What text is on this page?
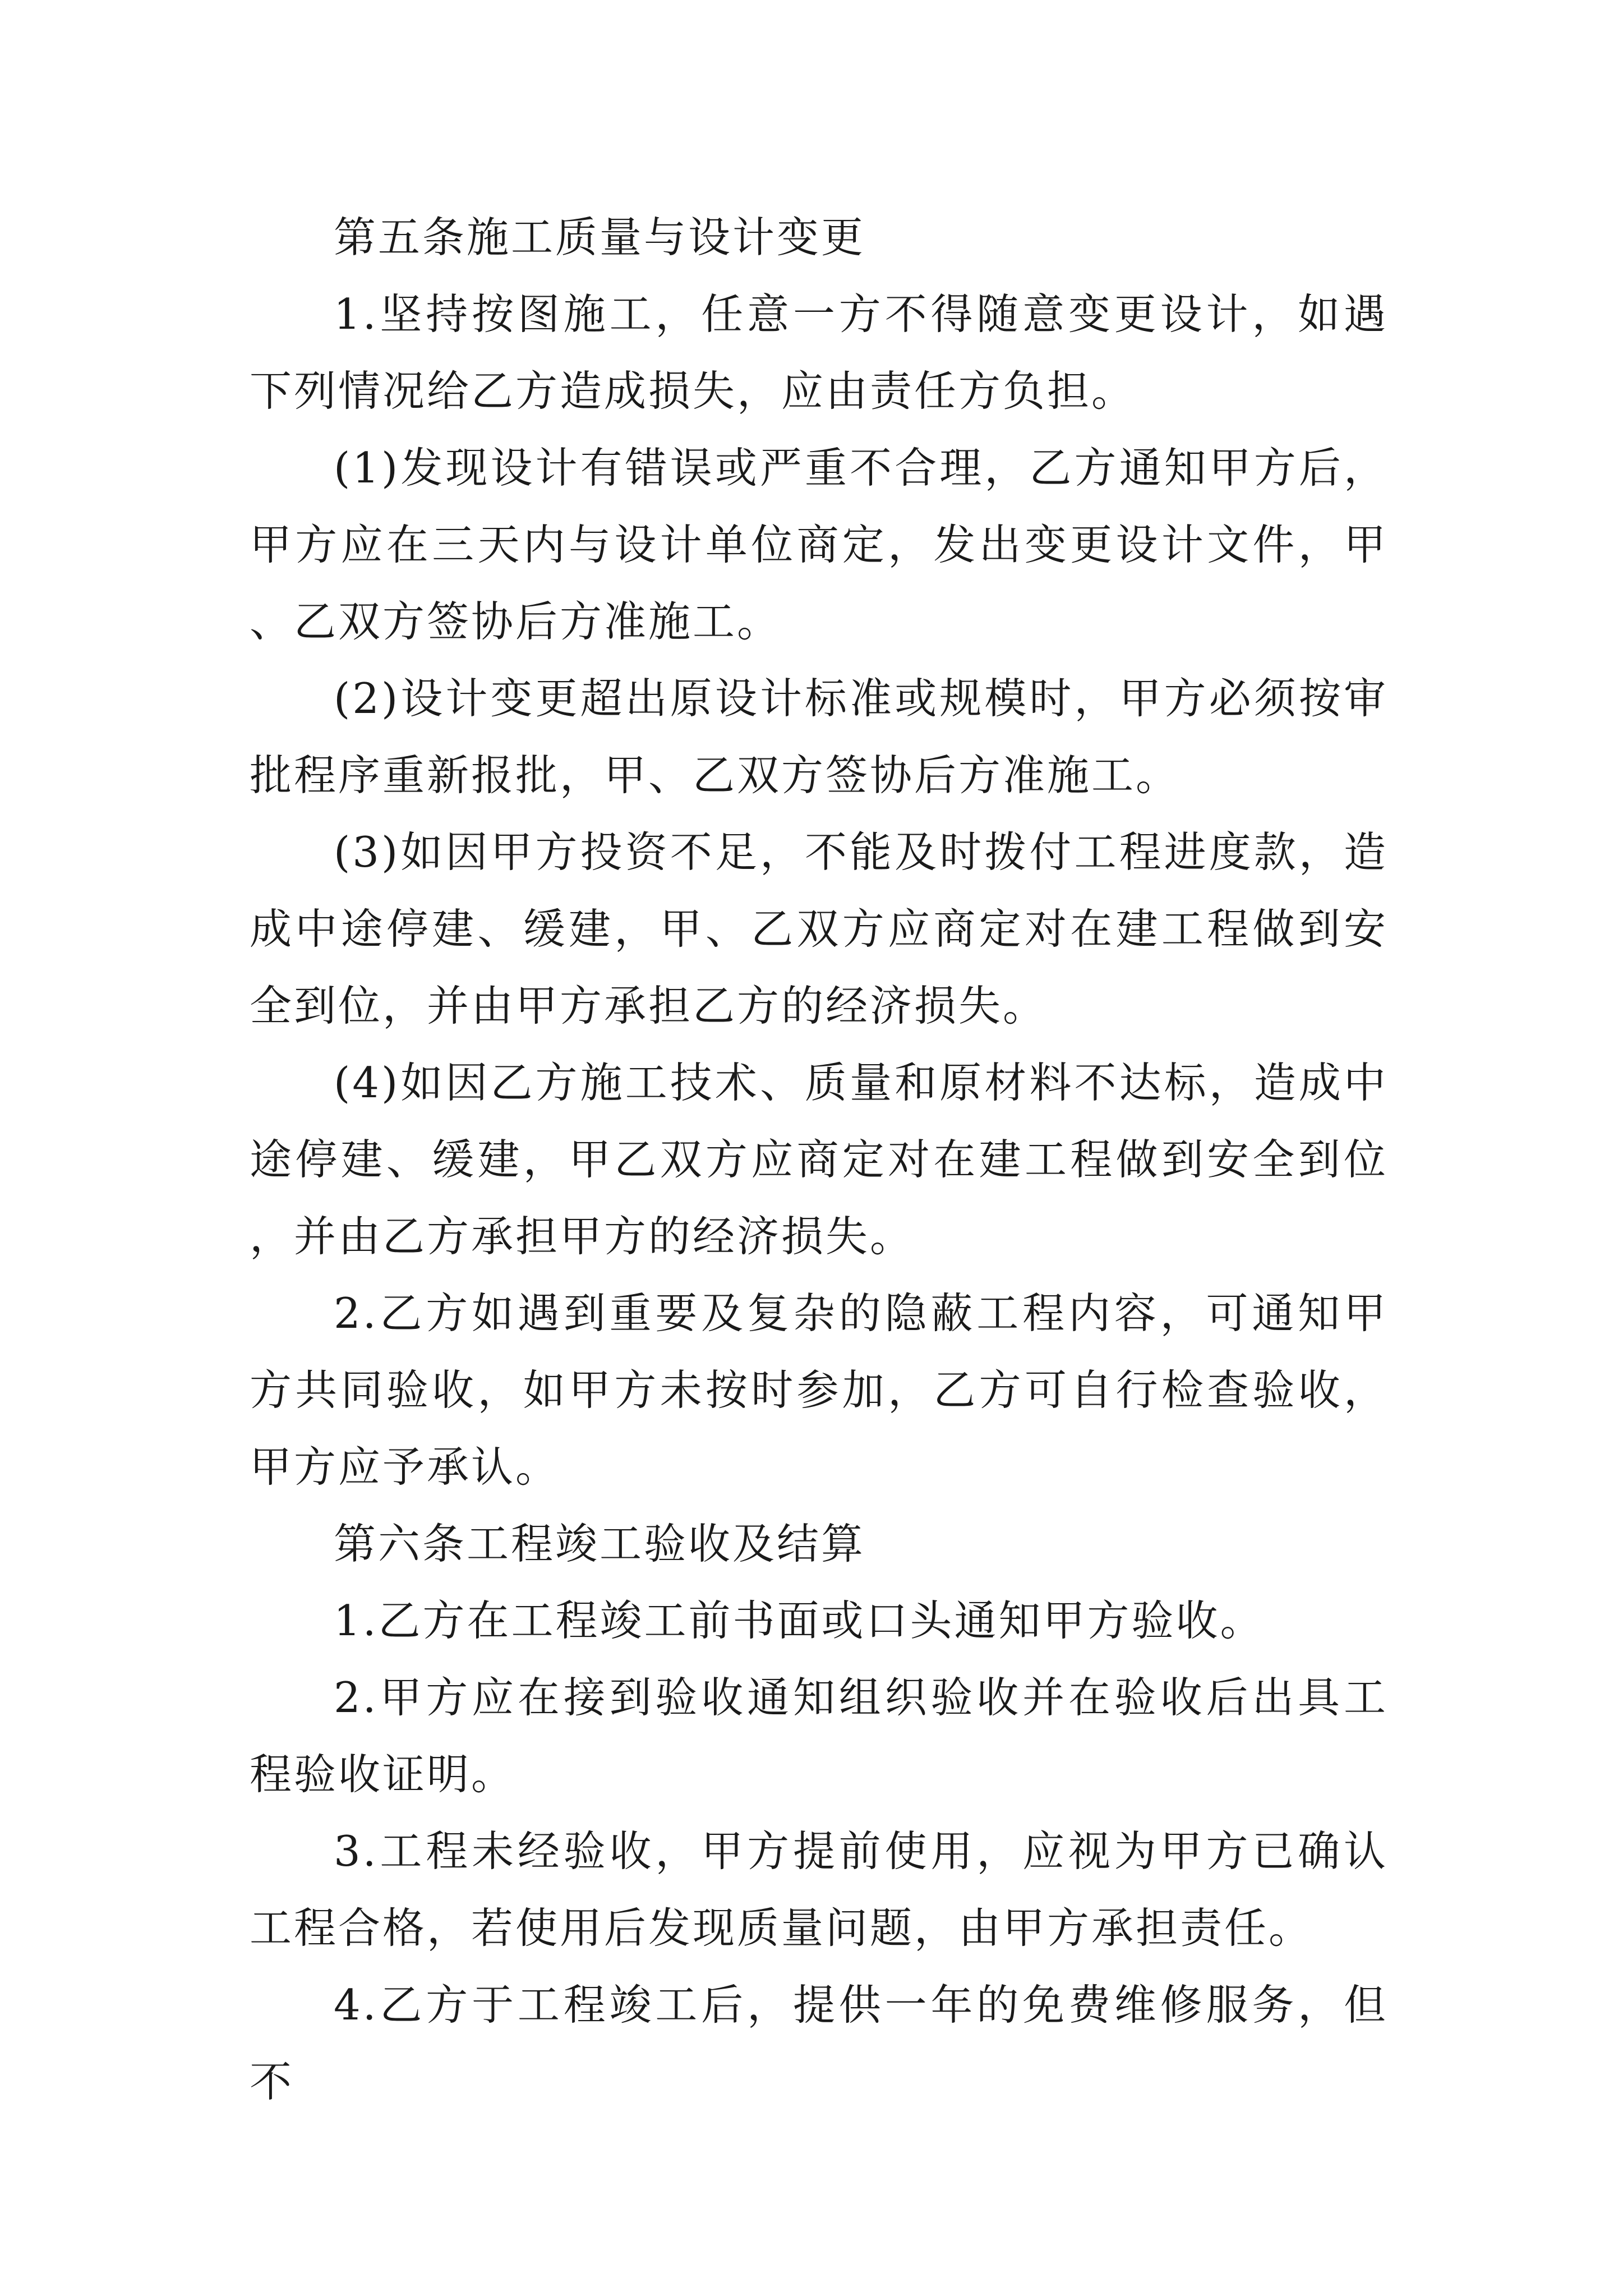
第五条施工质量与设计变更

1.坚持按图施工，任意一方不得随意变更设计，如遇下列情况给乙方造成损失，应由责任方负担。

(1)发现设计有错误或严重不合理，乙方通知甲方后，甲方应在三天内与设计单位商定，发出变更设计文件，甲、乙双方签协后方准施工。

(2)设计变更超出原设计标准或规模时，甲方必须按审批程序重新报批，甲、乙双方签协后方准施工。

(3)如因甲方投资不足，不能及时拨付工程进度款，造成中途停建、缓建，甲、乙双方应商定对在建工程做到安全到位，并由甲方承担乙方的经济损失。

(4)如因乙方施工技术、质量和原材料不达标，造成中途停建、缓建，甲乙双方应商定对在建工程做到安全到位，并由乙方承担甲方的经济损失。

2.乙方如遇到重要及复杂的隐蔽工程内容，可通知甲方共同验收，如甲方未按时参加，乙方可自行检查验收，甲方应予承认。

第六条工程竣工验收及结算

1.乙方在工程竣工前书面或口头通知甲方验收。

2.甲方应在接到验收通知组织验收并在验收后出具工程验收证明。

3.工程未经验收，甲方提前使用，应视为甲方已确认工程合格，若使用后发现质量问题，由甲方承担责任。

4.乙方于工程竣工后，提供一年的免费维修服务，但不
